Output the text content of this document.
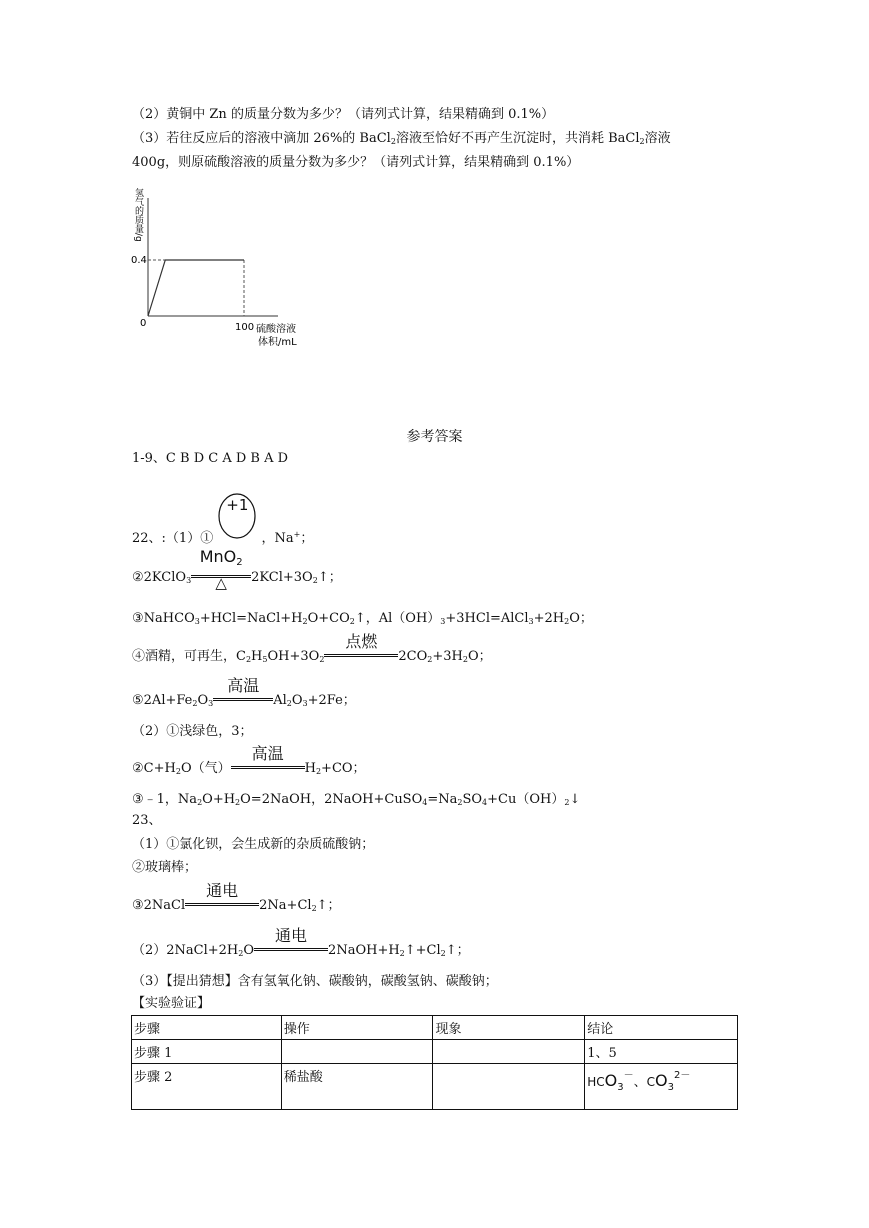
（2）黄铜中 Zn 的质量分数为多少？（请列式计算，结果精确到 0.1%）
（3）若往反应后的溶液中滴加 26%的 BaCl$_2$溶液至恰好不再产生沉淀时，共消耗 BaCl$_2$溶液
400g，则原硫酸溶液的质量分数为多少？（请列式计算，结果精确到 0.1%）
氢气的质量/g
硫酸溶液
体积/mL
0	100
0.4
参考答案
1-9、C B D C A D B A D
22、:（1）①
+1
，Na+；
②2KClO$_3$
MnO2
△	$2KCl+3O_2↑$；
$③NaHCO_3+HCl=NaCl+H_2O+CO_2↑$，$Al(OH)_3+3HCl=AlCl_3+2H_2O$；
④酒精，可再生，$C_2H_5OH+3O_2$
点燃
$2CO_2+3H_2O$；
$⑤2Al+Fe_2O_3$
高温
$Al_2O_3+2Fe$；
（2）①浅绿色，3；
$②C+H_2O$（气）
高温
$H_2+CO$；
③﹣1，$Na_2O+H_2O=2NaOH$，$2NaOH+CuSO_4=Na_2SO_4+Cu(OH)_2↓$
23、
（1）①氯化钡，会生成新的杂质硫酸钠；
②玻璃棒；
③2NaCl
通电
$2Na+Cl_2↑$；
$(2)2NaCl+2H_2O$
通电
$2NaOH+H_2↑+Cl_2↑$；
（3）【提出猜想】含有氢氧化钠、碳酸钠，碳酸氢钠、碳酸钠；
【实验验证】
步骤	操作	现象	结论
步骤 1			1、5
步骤 2	稀盐酸		$HCO_3^-$、$CO_3^{2-}$
